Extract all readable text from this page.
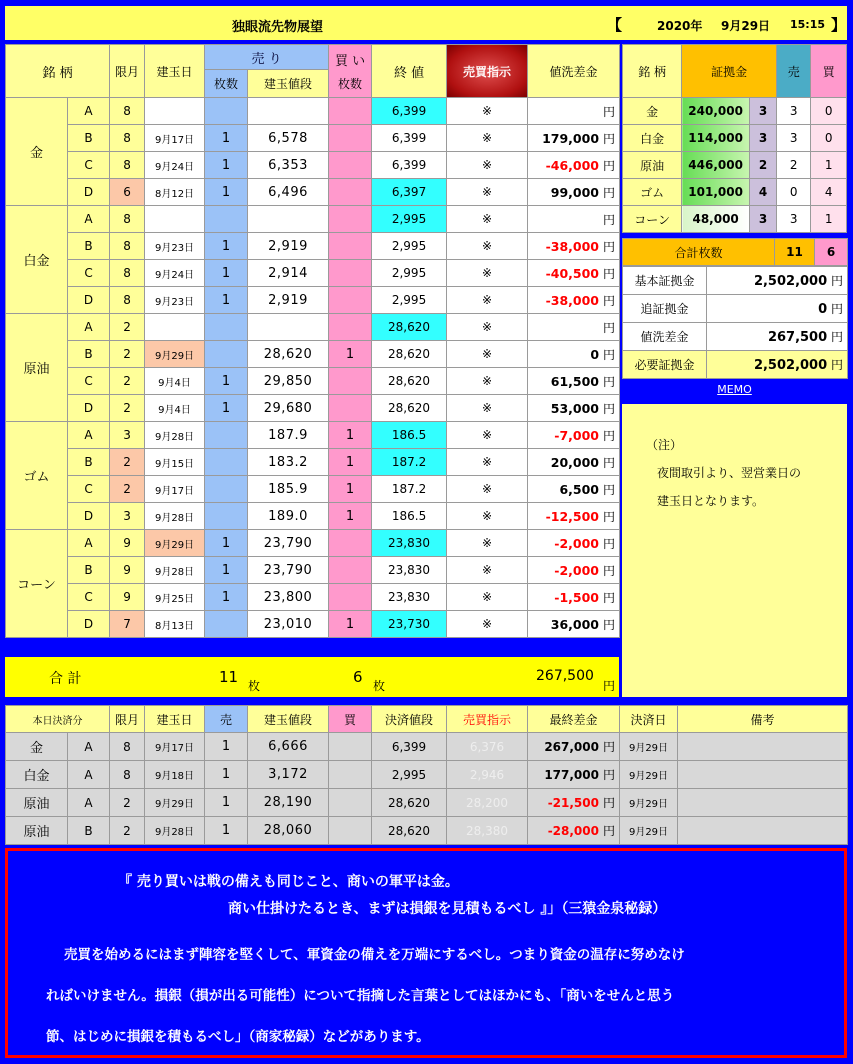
独眼流先物展望	【	2020年 9月29日 15:15 】
銘 柄		限月	建玉日	売 り		買 い
枚数	終 値	売買指示	値洗差金
				枚数	建玉値段				
金	A	8					6,399	※	円
	B	8	9月17日	1	6,578		6,399	※	179,000 円
	C	8	9月24日	1	6,353		6,399	※	-46,000 円
	D	6	8月12日	1	6,496		6,397	※	99,000 円
白金	A	8					2,995	※	円
	B	8	9月23日	1	2,919		2,995	※	-38,000 円
	C	8	9月24日	1	2,914		2,995	※	-40,500 円
	D	8	9月23日	1	2,919		2,995	※	-38,000 円
原油	A	2					28,620	※	円
	B	2	9月29日		28,620	1	28,620	※	0 円
	C	2	9月4日	1	29,850		28,620	※	61,500 円
	D	2	9月4日	1	29,680		28,620	※	53,000 円
ゴム	A	3	9月28日		187.9	1	186.5	※	-7,000 円
	B	2	9月15日		183.2	1	187.2	※	20,000 円
	C	2	9月17日		185.9	1	187.2	※	6,500 円
	D	3	9月28日		189.0	1	186.5	※	-12,500 円
コーン	A	9	9月29日	1	23,790		23,830	※	-2,000 円
	B	9	9月28日	1	23,790		23,830	※	-2,000 円
	C	9	9月25日	1	23,800		23,830	※	-1,500 円
	D	7	8月13日		23,010	1	23,730	※	36,000 円
合 計	11 枚	6 枚
267,500
円
銘 柄	証拠金		売	買
金	240,000	3	3	0
白金	114,000	3	3	0
原油	446,000	2	2	1
ゴム	101,000	4	0	4
コーン	48,000	3	3	1
合計枚数	11	6
基本証拠金	2,502,000 円
追証拠金	0 円
値洗差金	267,500 円
必要証拠金	2,502,000 円
MEMO
（注）
夜間取引より、翌営業日の
建玉日となります。
本日決済分		限月	建玉日	売	建玉値段	買	決済値段	売買指示	最終差金	決済日	備考
金	A	8	9月17日	1	6,666		6,399	6,376	267,000 円	9月29日	
白金	A	8	9月18日	1	3,172		2,995	2,946	177,000 円	9月29日	
原油	A	2	9月29日	1	28,190		28,620	28,200	-21,500 円	9月29日	
原油	B	2	9月28日	1	28,060		28,620	28,380	-28,000 円	9月29日	
『 売り買いは戦の備えも同じこと、商いの軍平は金。
商い仕掛けたるとき、まずは損銀を見積もるべし 』」（三猿金泉秘録）
売買を始めるにはまず陣容を堅くして、軍資金の備えを万端にするべし。つまり資金の温存に努めなけ
ればいけません。損銀（損が出る可能性）について指摘した言葉としてはほかにも、「商いをせんと思う
節、はじめに損銀を積もるべし」（商家秘録）などがあります。
